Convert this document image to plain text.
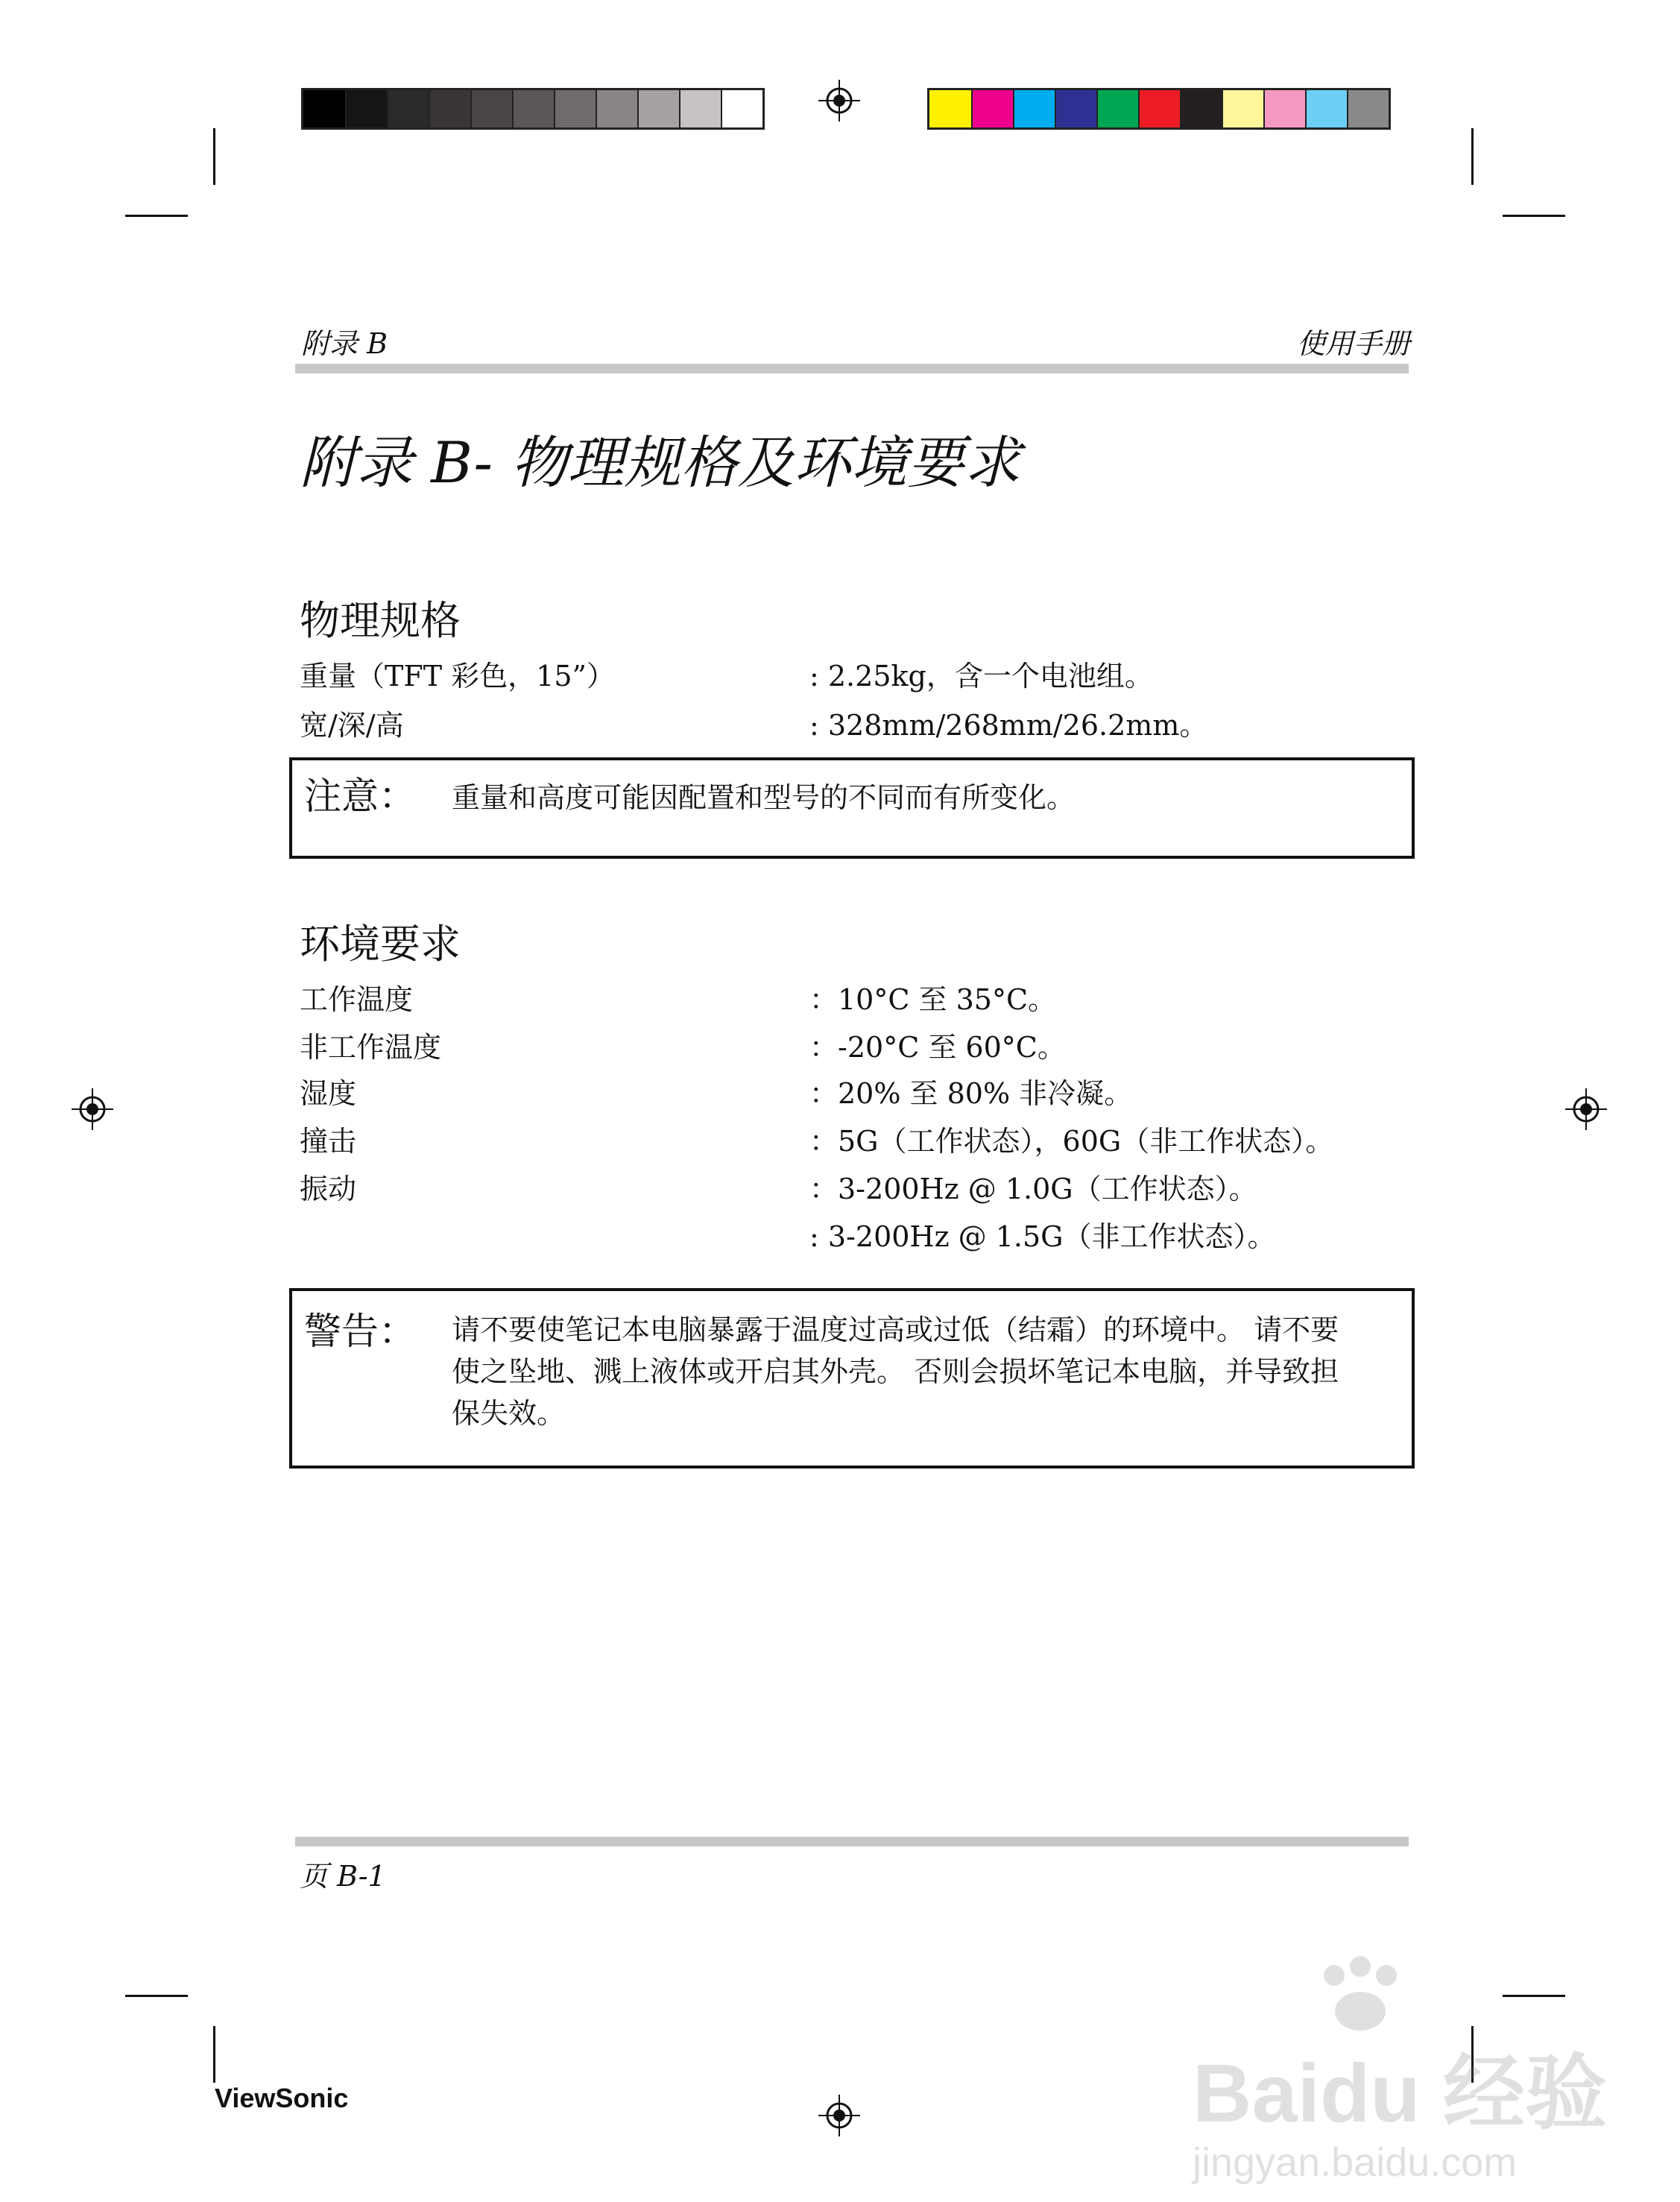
附录 B	使用手册
附录 B- 物理规格及环境要求
物理规格
重量（TFT 彩色，15”）	: 2.25kg，含一个电池组。
宽/深/高	: 328mm/268mm/26.2mm。
注意： 重量和高度可能因配置和型号的不同而有所变化。
环境要求
工作温度	：10°C 至 35°C。
非工作温度	：-20°C 至 60°C。
湿度	：20% 至 80% 非冷凝。
撞击	：5G（工作状态），60G（非工作状态）。
振动	：3-200Hz @ 1.0G（工作状态）。
: 3-200Hz @ 1.5G（非工作状态）。
警告： 请不要使笔记本电脑暴露于温度过高或过低（结霜）的环境中。 请不要
使之坠地、溅上液体或开启其外壳。 否则会损坏笔记本电脑，并导致担
保失效。
页 B-1
ViewSonic	Baidu 经验
jingyan.baidu.com
